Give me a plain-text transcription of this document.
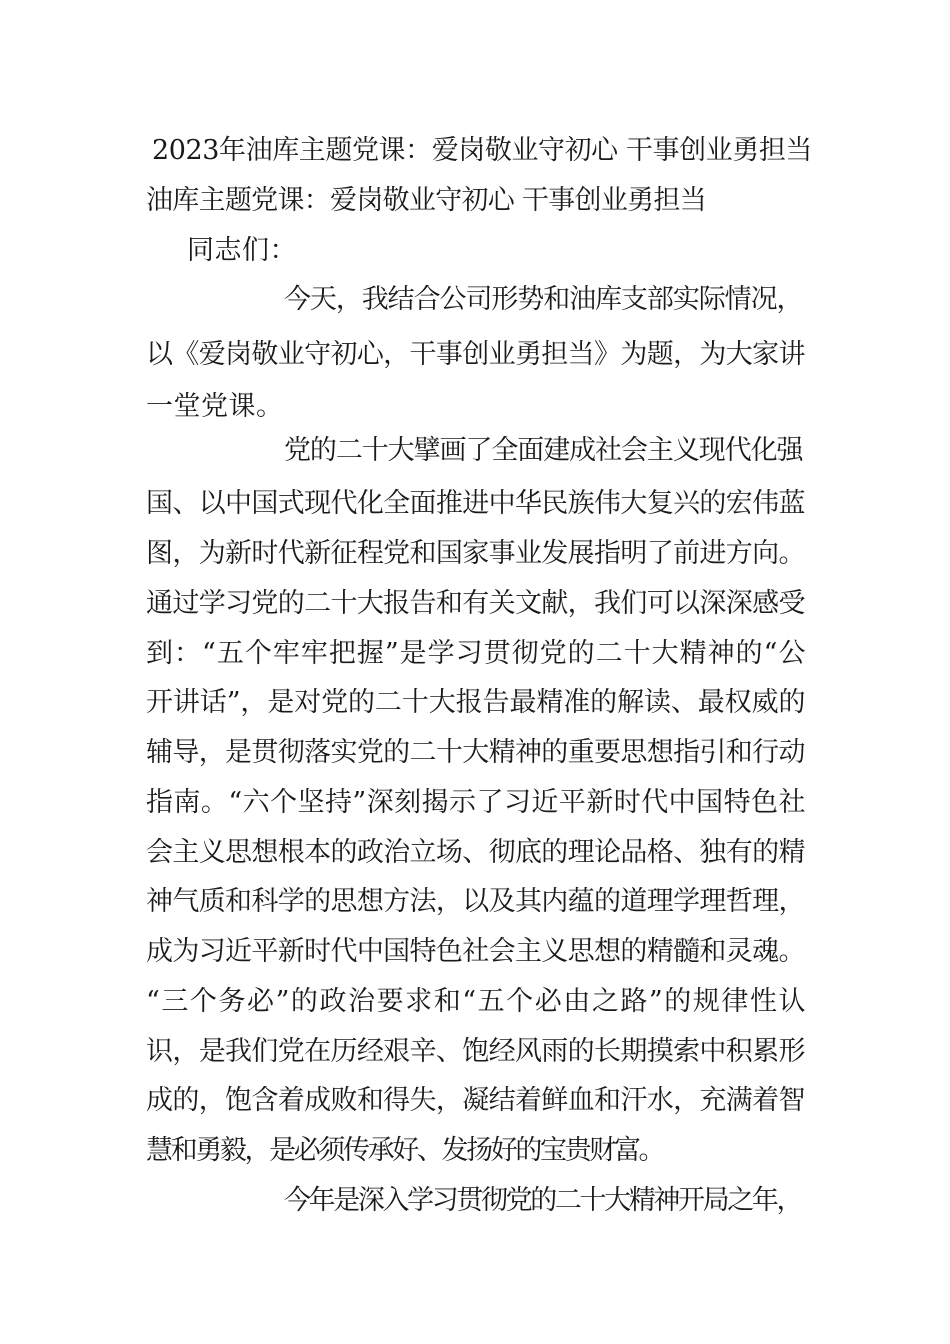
2023年油库主题党课：爱岗敬业守初心 干事创业勇担当
油库主题党课：爱岗敬业守初心 干事创业勇担当
同志们：
今天，我结合公司形势和油库支部实际情况，
以《爱岗敬业守初心，干事创业勇担当》为题，为大家讲
一堂党课。
党的二十大擘画了全面建成社会主义现代化强
国、以中国式现代化全面推进中华民族伟大复兴的宏伟蓝
图，为新时代新征程党和国家事业发展指明了前进方向。
通过学习党的二十大报告和有关文献，我们可以深深感受
到：“五个牢牢把握”是学习贯彻党的二十大精神的“公
开讲话”，是对党的二十大报告最精准的解读、最权威的
辅导，是贯彻落实党的二十大精神的重要思想指引和行动
指南。“六个坚持”深刻揭示了习近平新时代中国特色社
会主义思想根本的政治立场、彻底的理论品格、独有的精
神气质和科学的思想方法，以及其内蕴的道理学理哲理，
成为习近平新时代中国特色社会主义思想的精髓和灵魂。
“三个务必”的政治要求和“五个必由之路”的规律性认
识，是我们党在历经艰辛、饱经风雨的长期摸索中积累形
成的，饱含着成败和得失，凝结着鲜血和汗水，充满着智
慧和勇毅，是必须传承好、发扬好的宝贵财富。
今年是深入学习贯彻党的二十大精神开局之年，
